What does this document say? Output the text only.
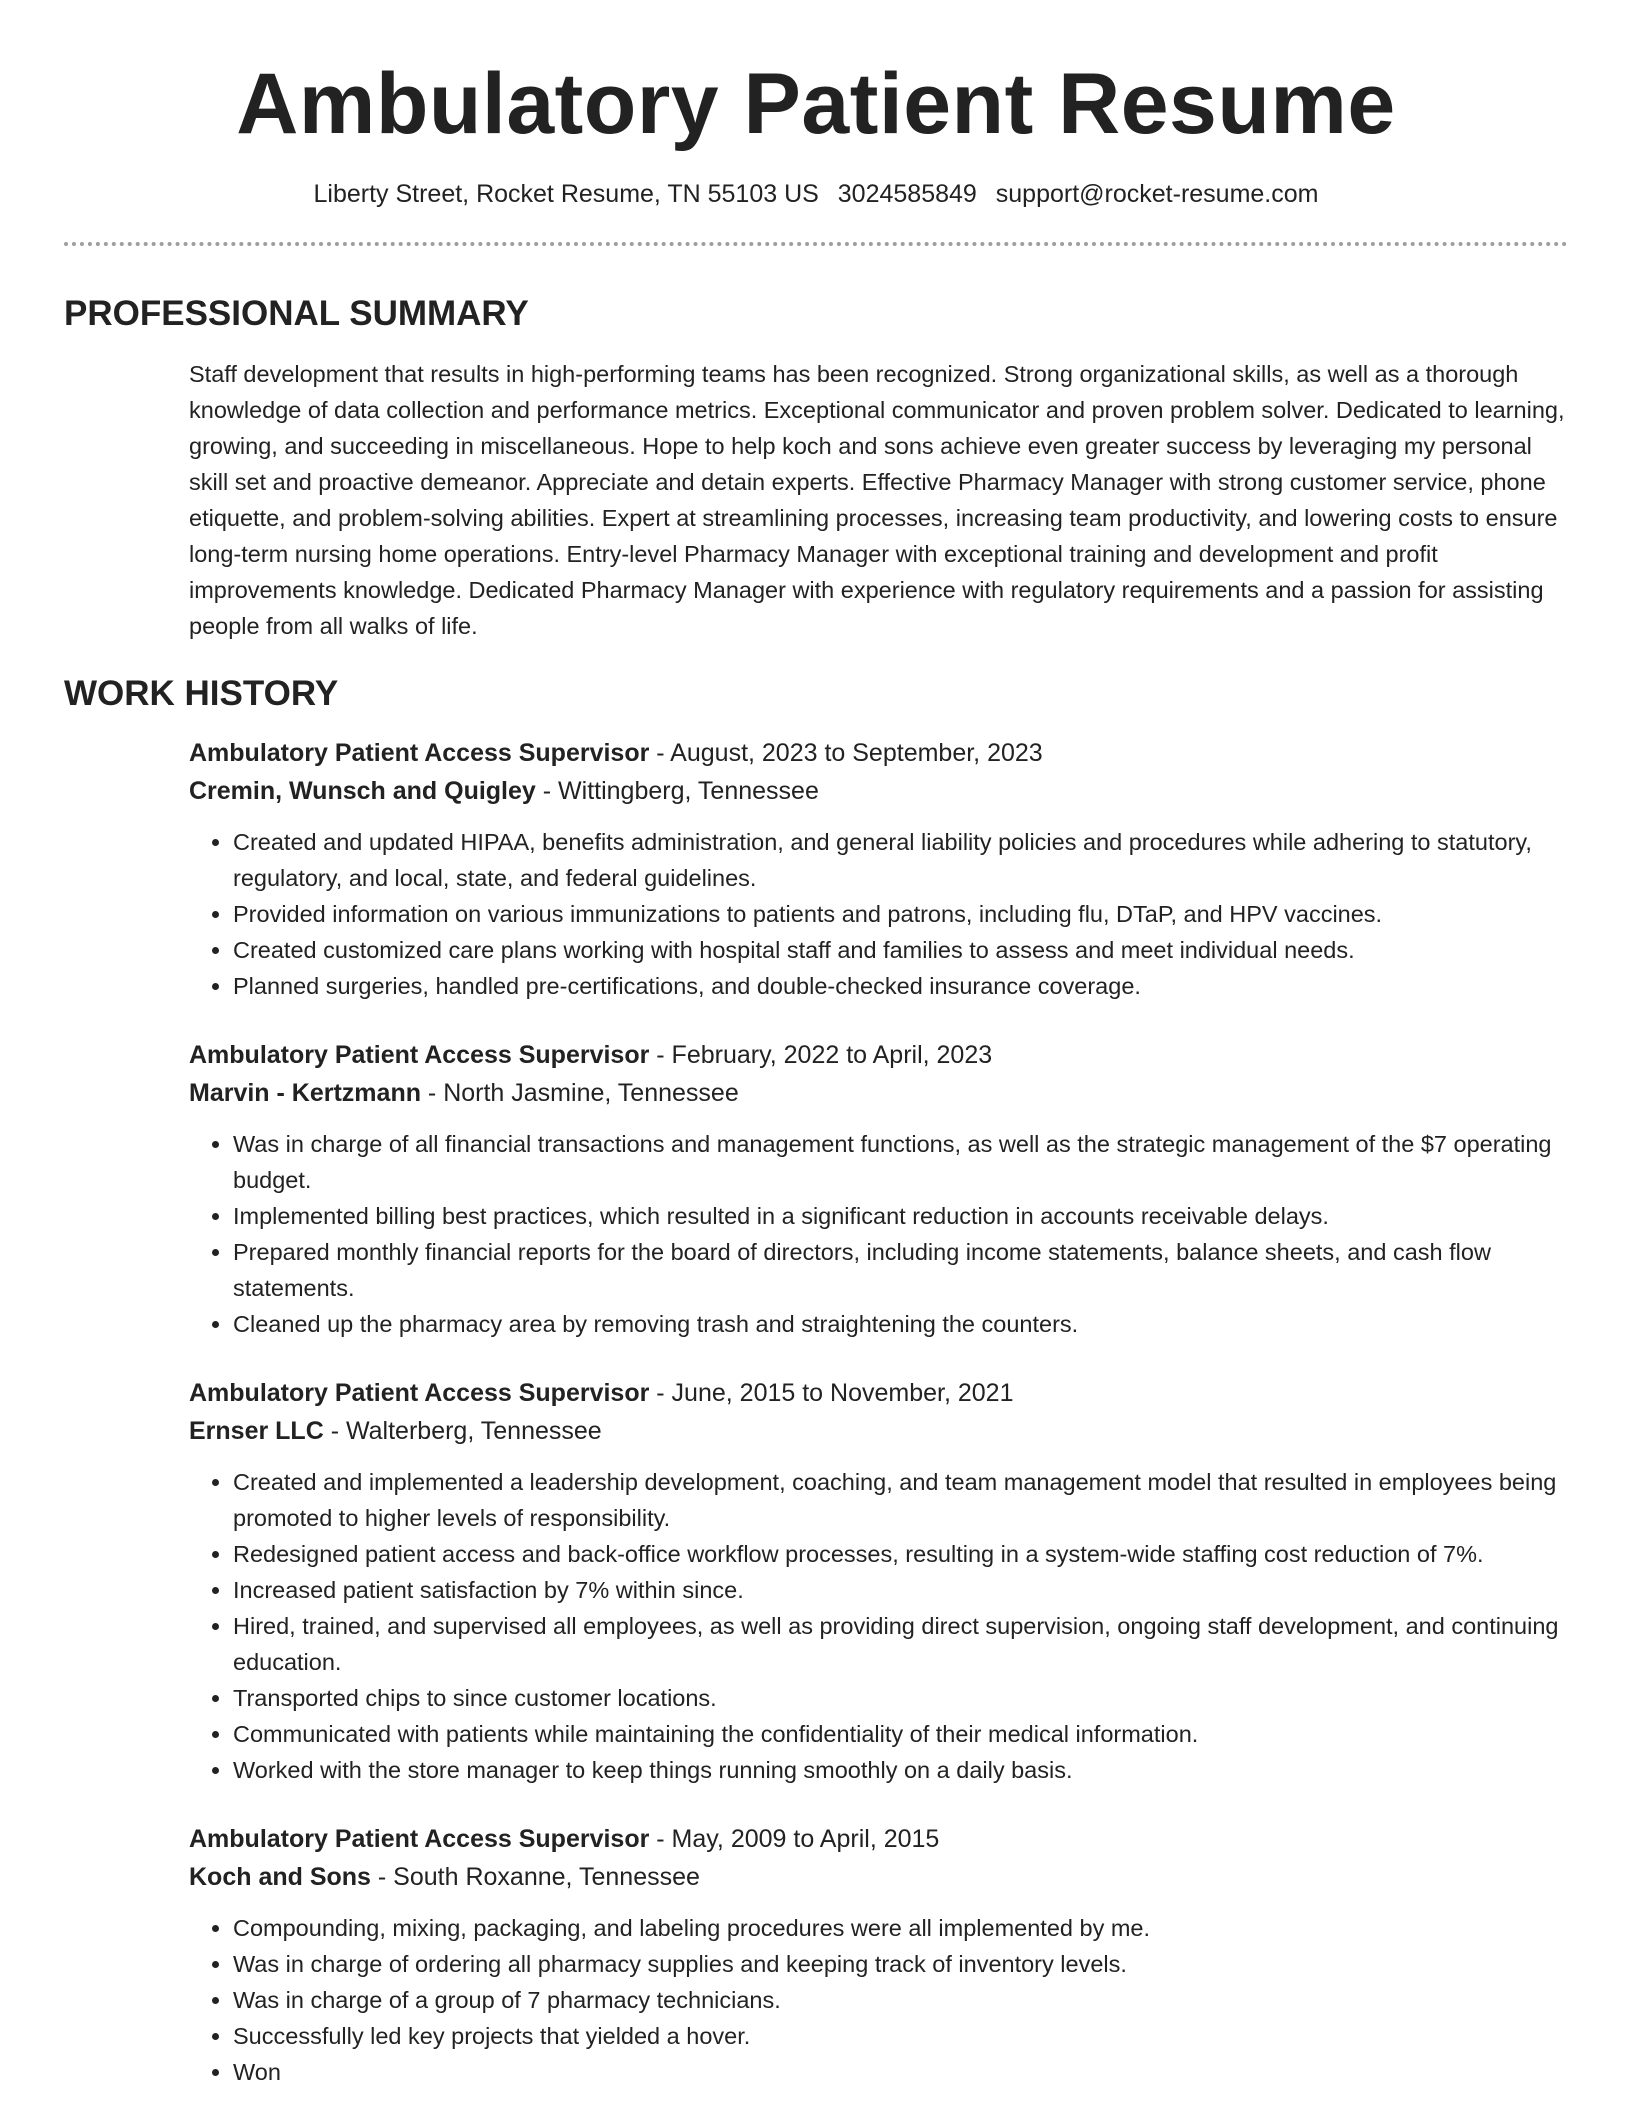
Ambulatory Patient Resume
Liberty Street, Rocket Resume, TN 55103 US 3024585849 support@rocket-resume.com
PROFESSIONAL SUMMARY
Staff development that results in high-performing teams has been recognized. Strong organizational skills, as well as a thorough knowledge of data collection and performance metrics. Exceptional communicator and proven problem solver. Dedicated to learning, growing, and succeeding in miscellaneous. Hope to help koch and sons achieve even greater success by leveraging my personal skill set and proactive demeanor. Appreciate and detain experts. Effective Pharmacy Manager with strong customer service, phone etiquette, and problem-solving abilities. Expert at streamlining processes, increasing team productivity, and lowering costs to ensure long-term nursing home operations. Entry-level Pharmacy Manager with exceptional training and development and profit improvements knowledge. Dedicated Pharmacy Manager with experience with regulatory requirements and a passion for assisting people from all walks of life.
WORK HISTORY
Ambulatory Patient Access Supervisor - August, 2023 to September, 2023
Cremin, Wunsch and Quigley - Wittingberg, Tennessee
• Created and updated HIPAA, benefits administration, and general liability policies and procedures while adhering to statutory, regulatory, and local, state, and federal guidelines.
• Provided information on various immunizations to patients and patrons, including flu, DTaP, and HPV vaccines.
• Created customized care plans working with hospital staff and families to assess and meet individual needs.
• Planned surgeries, handled pre-certifications, and double-checked insurance coverage.
Ambulatory Patient Access Supervisor - February, 2022 to April, 2023
Marvin - Kertzmann - North Jasmine, Tennessee
• Was in charge of all financial transactions and management functions, as well as the strategic management of the $7 operating budget.
• Implemented billing best practices, which resulted in a significant reduction in accounts receivable delays.
• Prepared monthly financial reports for the board of directors, including income statements, balance sheets, and cash flow statements.
• Cleaned up the pharmacy area by removing trash and straightening the counters.
Ambulatory Patient Access Supervisor - June, 2015 to November, 2021
Ernser LLC - Walterberg, Tennessee
• Created and implemented a leadership development, coaching, and team management model that resulted in employees being promoted to higher levels of responsibility.
• Redesigned patient access and back-office workflow processes, resulting in a system-wide staffing cost reduction of 7%.
• Increased patient satisfaction by 7% within since.
• Hired, trained, and supervised all employees, as well as providing direct supervision, ongoing staff development, and continuing education.
• Transported chips to since customer locations.
• Communicated with patients while maintaining the confidentiality of their medical information.
• Worked with the store manager to keep things running smoothly on a daily basis.
Ambulatory Patient Access Supervisor - May, 2009 to April, 2015
Koch and Sons - South Roxanne, Tennessee
• Compounding, mixing, packaging, and labeling procedures were all implemented by me.
• Was in charge of ordering all pharmacy supplies and keeping track of inventory levels.
• Was in charge of a group of 7 pharmacy technicians.
• Successfully led key projects that yielded a hover.
• Won
